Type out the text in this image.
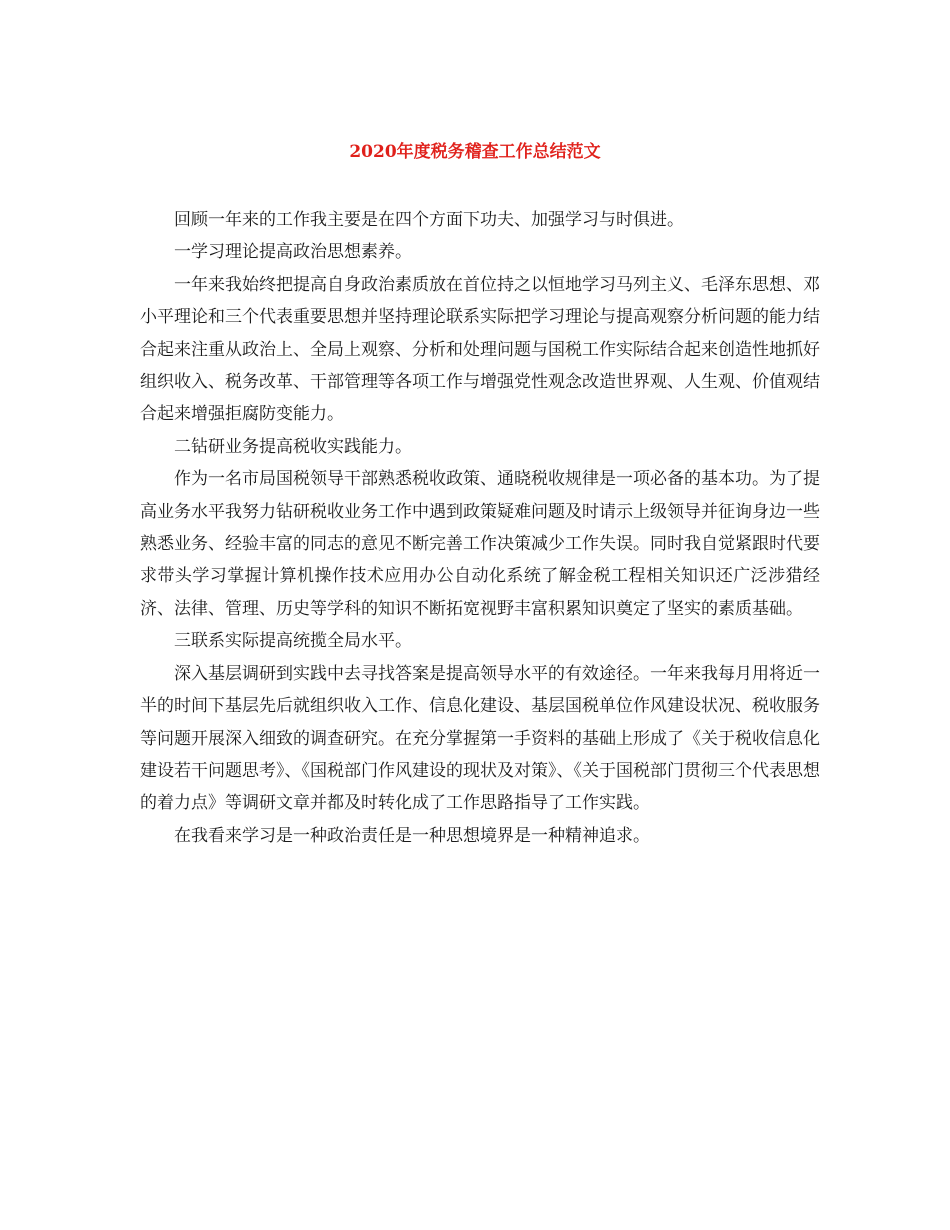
2020年度税务稽查工作总结范文

回顾一年来的工作我主要是在四个方面下功夫、加强学习与时俱进。

一学习理论提高政治思想素养。

一年来我始终把提高自身政治素质放在首位持之以恒地学习马列主义、毛泽东思想、邓小平理论和三个代表重要思想并坚持理论联系实际把学习理论与提高观察分析问题的能力结合起来注重从政治上、全局上观察、分析和处理问题与国税工作实际结合起来创造性地抓好组织收入、税务改革、干部管理等各项工作与增强党性观念改造世界观、人生观、价值观结合起来增强拒腐防变能力。

二钻研业务提高税收实践能力。

作为一名市局国税领导干部熟悉税收政策、通晓税收规律是一项必备的基本功。为了提高业务水平我努力钻研税收业务工作中遇到政策疑难问题及时请示上级领导并征询身边一些熟悉业务、经验丰富的同志的意见不断完善工作决策减少工作失误。同时我自觉紧跟时代要求带头学习掌握计算机操作技术应用办公自动化系统了解金税工程相关知识还广泛涉猎经济、法律、管理、历史等学科的知识不断拓宽视野丰富积累知识奠定了坚实的素质基础。

三联系实际提高统揽全局水平。

深入基层调研到实践中去寻找答案是提高领导水平的有效途径。一年来我每月用将近一半的时间下基层先后就组织收入工作、信息化建设、基层国税单位作风建设状况、税收服务等问题开展深入细致的调查研究。在充分掌握第一手资料的基础上形成了《关于税收信息化建设若干问题思考》、《国税部门作风建设的现状及对策》、《关于国税部门贯彻三个代表思想的着力点》等调研文章并都及时转化成了工作思路指导了工作实践。

在我看来学习是一种政治责任是一种思想境界是一种精神追求。
